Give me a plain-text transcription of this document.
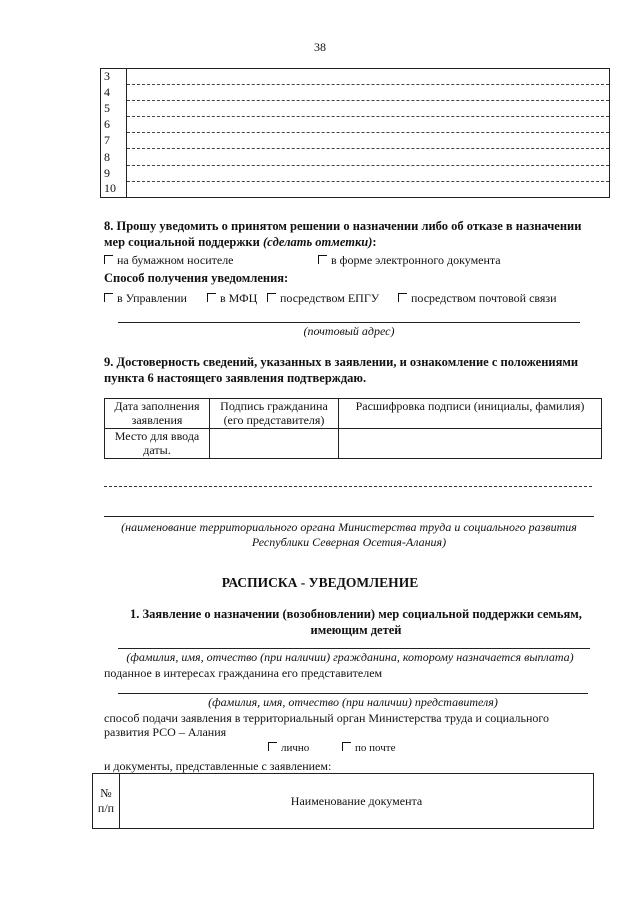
38
3	
4	
5	
6	
7	
8	
9	
10	
8. Прошу уведомить о принятом решении о назначении либо об отказе в назначении мер социальной поддержки (сделать отметки):
на бумажном носителе	в форме электронного документа
Способ получения уведомления:
в Управлении	в МФЦ	посредством ЕПГУ	посредством почтовой связи
(почтовый адрес)
9. Достоверность сведений, указанных в заявлении, и ознакомление с положениями пункта 6 настоящего заявления подтверждаю.
Дата заполнения заявления	Подпись гражданина (его представителя)	Расшифровка подписи (инициалы, фамилия)
Место для ввода даты.		
(наименование территориального органа Министерства труда и социального развития Республики Северная Осетия-Алания)
РАСПИСКА - УВЕДОМЛЕНИЕ
1. Заявление о назначении (возобновлении) мер социальной поддержки семьям, имеющим детей
(фамилия, имя, отчество (при наличии) гражданина, которому назначается выплата)
поданное в интересах гражданина его представителем
(фамилия, имя, отчество (при наличии) представителя)
способ подачи заявления в территориальный орган Министерства труда и социального развития РСО – Алания
лично	по почте
и документы, представленные с заявлением:
№ п/п	Наименование документа
